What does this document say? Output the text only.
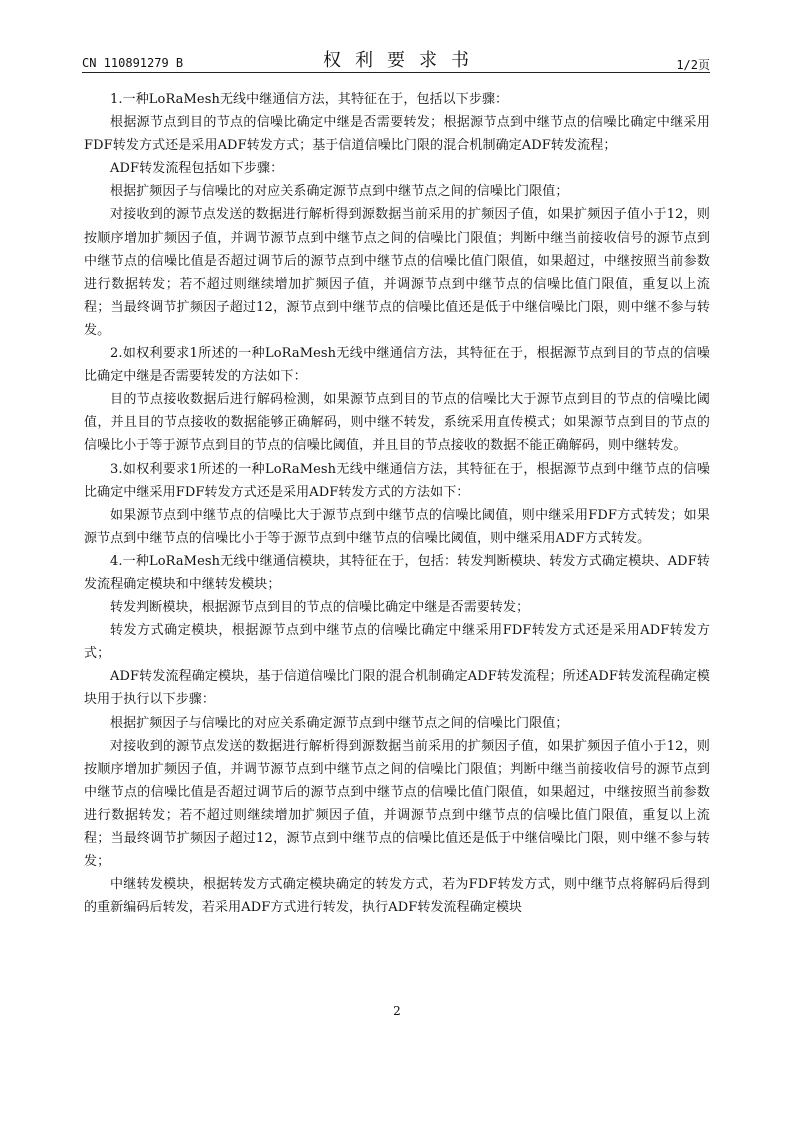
CN 110891279 B	权利要求书	1/2页

1.一种LoRaMesh无线中继通信方法，其特征在于，包括以下步骤：

根据源节点到目的节点的信噪比确定中继是否需要转发；根据源节点到中继节点的信噪比确定中继采用FDF转发方式还是采用ADF转发方式；基于信道信噪比门限的混合机制确定ADF转发流程；

ADF转发流程包括如下步骤：

根据扩频因子与信噪比的对应关系确定源节点到中继节点之间的信噪比门限值；

对接收到的源节点发送的数据进行解析得到源数据当前采用的扩频因子值，如果扩频因子值小于12，则按顺序增加扩频因子值，并调节源节点到中继节点之间的信噪比门限值；判断中继当前接收信号的源节点到中继节点的信噪比值是否超过调节后的源节点到中继节点的信噪比值门限值，如果超过，中继按照当前参数进行数据转发；若不超过则继续增加扩频因子值，并调源节点到中继节点的信噪比值门限值，重复以上流程；当最终调节扩频因子超过12，源节点到中继节点的信噪比值还是低于中继信噪比门限，则中继不参与转发。

2.如权利要求1所述的一种LoRaMesh无线中继通信方法，其特征在于，根据源节点到目的节点的信噪比确定中继是否需要转发的方法如下：

目的节点接收数据后进行解码检测，如果源节点到目的节点的信噪比大于源节点到目的节点的信噪比阈值，并且目的节点接收的数据能够正确解码，则中继不转发，系统采用直传模式；如果源节点到目的节点的信噪比小于等于源节点到目的节点的信噪比阈值，并且目的节点接收的数据不能正确解码，则中继转发。

3.如权利要求1所述的一种LoRaMesh无线中继通信方法，其特征在于，根据源节点到中继节点的信噪比确定中继采用FDF转发方式还是采用ADF转发方式的方法如下：

如果源节点到中继节点的信噪比大于源节点到中继节点的信噪比阈值，则中继采用FDF方式转发；如果源节点到中继节点的信噪比小于等于源节点到中继节点的信噪比阈值，则中继采用ADF方式转发。

4.一种LoRaMesh无线中继通信模块，其特征在于，包括：转发判断模块、转发方式确定模块、ADF转发流程确定模块和中继转发模块；

转发判断模块，根据源节点到目的节点的信噪比确定中继是否需要转发；

转发方式确定模块，根据源节点到中继节点的信噪比确定中继采用FDF转发方式还是采用ADF转发方式；

ADF转发流程确定模块，基于信道信噪比门限的混合机制确定ADF转发流程；所述ADF转发流程确定模块用于执行以下步骤：

根据扩频因子与信噪比的对应关系确定源节点到中继节点之间的信噪比门限值；

对接收到的源节点发送的数据进行解析得到源数据当前采用的扩频因子值，如果扩频因子值小于12，则按顺序增加扩频因子值，并调节源节点到中继节点之间的信噪比门限值；判断中继当前接收信号的源节点到中继节点的信噪比值是否超过调节后的源节点到中继节点的信噪比值门限值，如果超过，中继按照当前参数进行数据转发；若不超过则继续增加扩频因子值，并调源节点到中继节点的信噪比值门限值，重复以上流程；当最终调节扩频因子超过12，源节点到中继节点的信噪比值还是低于中继信噪比门限，则中继不参与转发；

中继转发模块，根据转发方式确定模块确定的转发方式，若为FDF转发方式，则中继节点将解码后得到的重新编码后转发，若采用ADF方式进行转发，执行ADF转发流程确定模块

2
